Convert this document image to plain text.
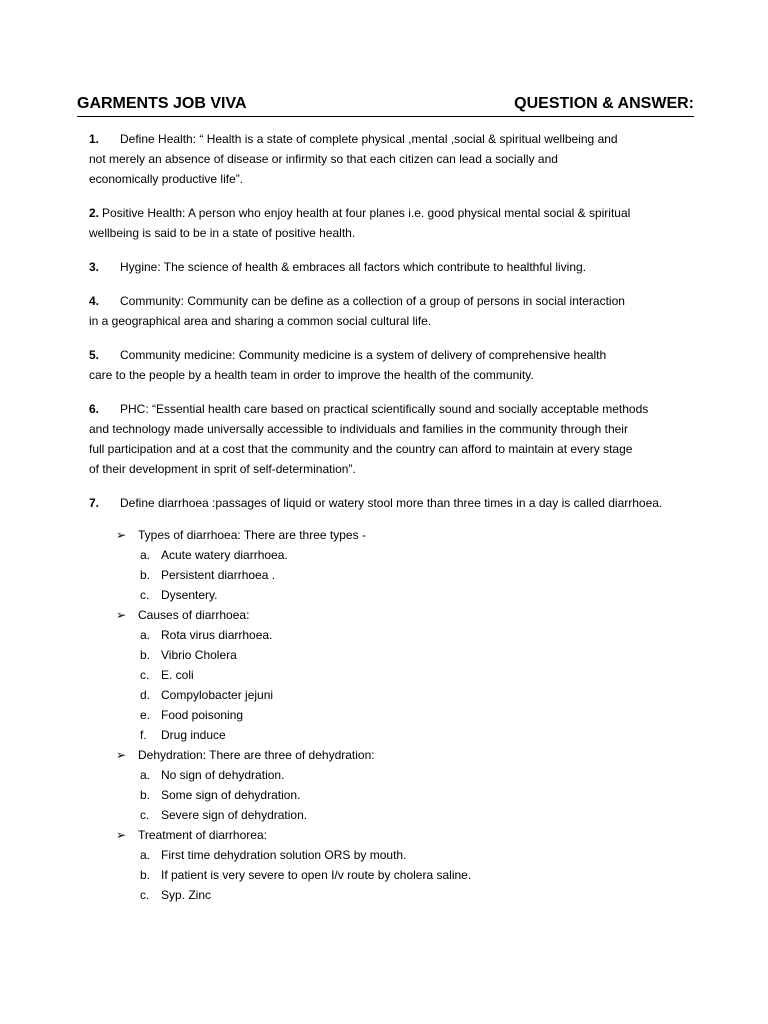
GARMENTS JOB VIVA	QUESTION & ANSWER:
1. Define Health: “ Health is a state of complete physical ,mental ,social & spiritual wellbeing and
not merely an absence of disease or infirmity so that each citizen can lead a socially and
economically productive life”.
2. Positive Health: A person who enjoy health at four planes i.e. good physical mental social & spiritual
wellbeing is said to be in a state of positive health.
3. Hygine: The science of health & embraces all factors which contribute to healthful living.
4. Community: Community can be define as a collection of a group of persons in social interaction
in a geographical area and sharing a common social cultural life.
5. Community medicine: Community medicine is a system of delivery of comprehensive health
care to the people by a health team in order to improve the health of the community.
6. PHC: “Essential health care based on practical scientifically sound and socially acceptable methods
and technology made universally accessible to individuals and families in the community through their
full participation and at a cost that the community and the country can afford to maintain at every stage
of their development in sprit of self-determination”.
7. Define diarrhoea :passages of liquid or watery stool more than three times in a day is called diarrhoea.
➢ Types of diarrhoea: There are three types -
a. Acute watery diarrhoea.
b. Persistent diarrhoea .
c. Dysentery.
➢ Causes of diarrhoea:
a. Rota virus diarrhoea.
b. Vibrio Cholera
c. E. coli
d. Compylobacter jejuni
e. Food poisoning
f. Drug induce
➢ Dehydration: There are three of dehydration:
a. No sign of dehydration.
b. Some sign of dehydration.
c. Severe sign of dehydration.
➢ Treatment of diarrhorea:
a. First time dehydration solution ORS by mouth.
b. If patient is very severe to open I/v route by cholera saline.
c. Syp. Zinc
